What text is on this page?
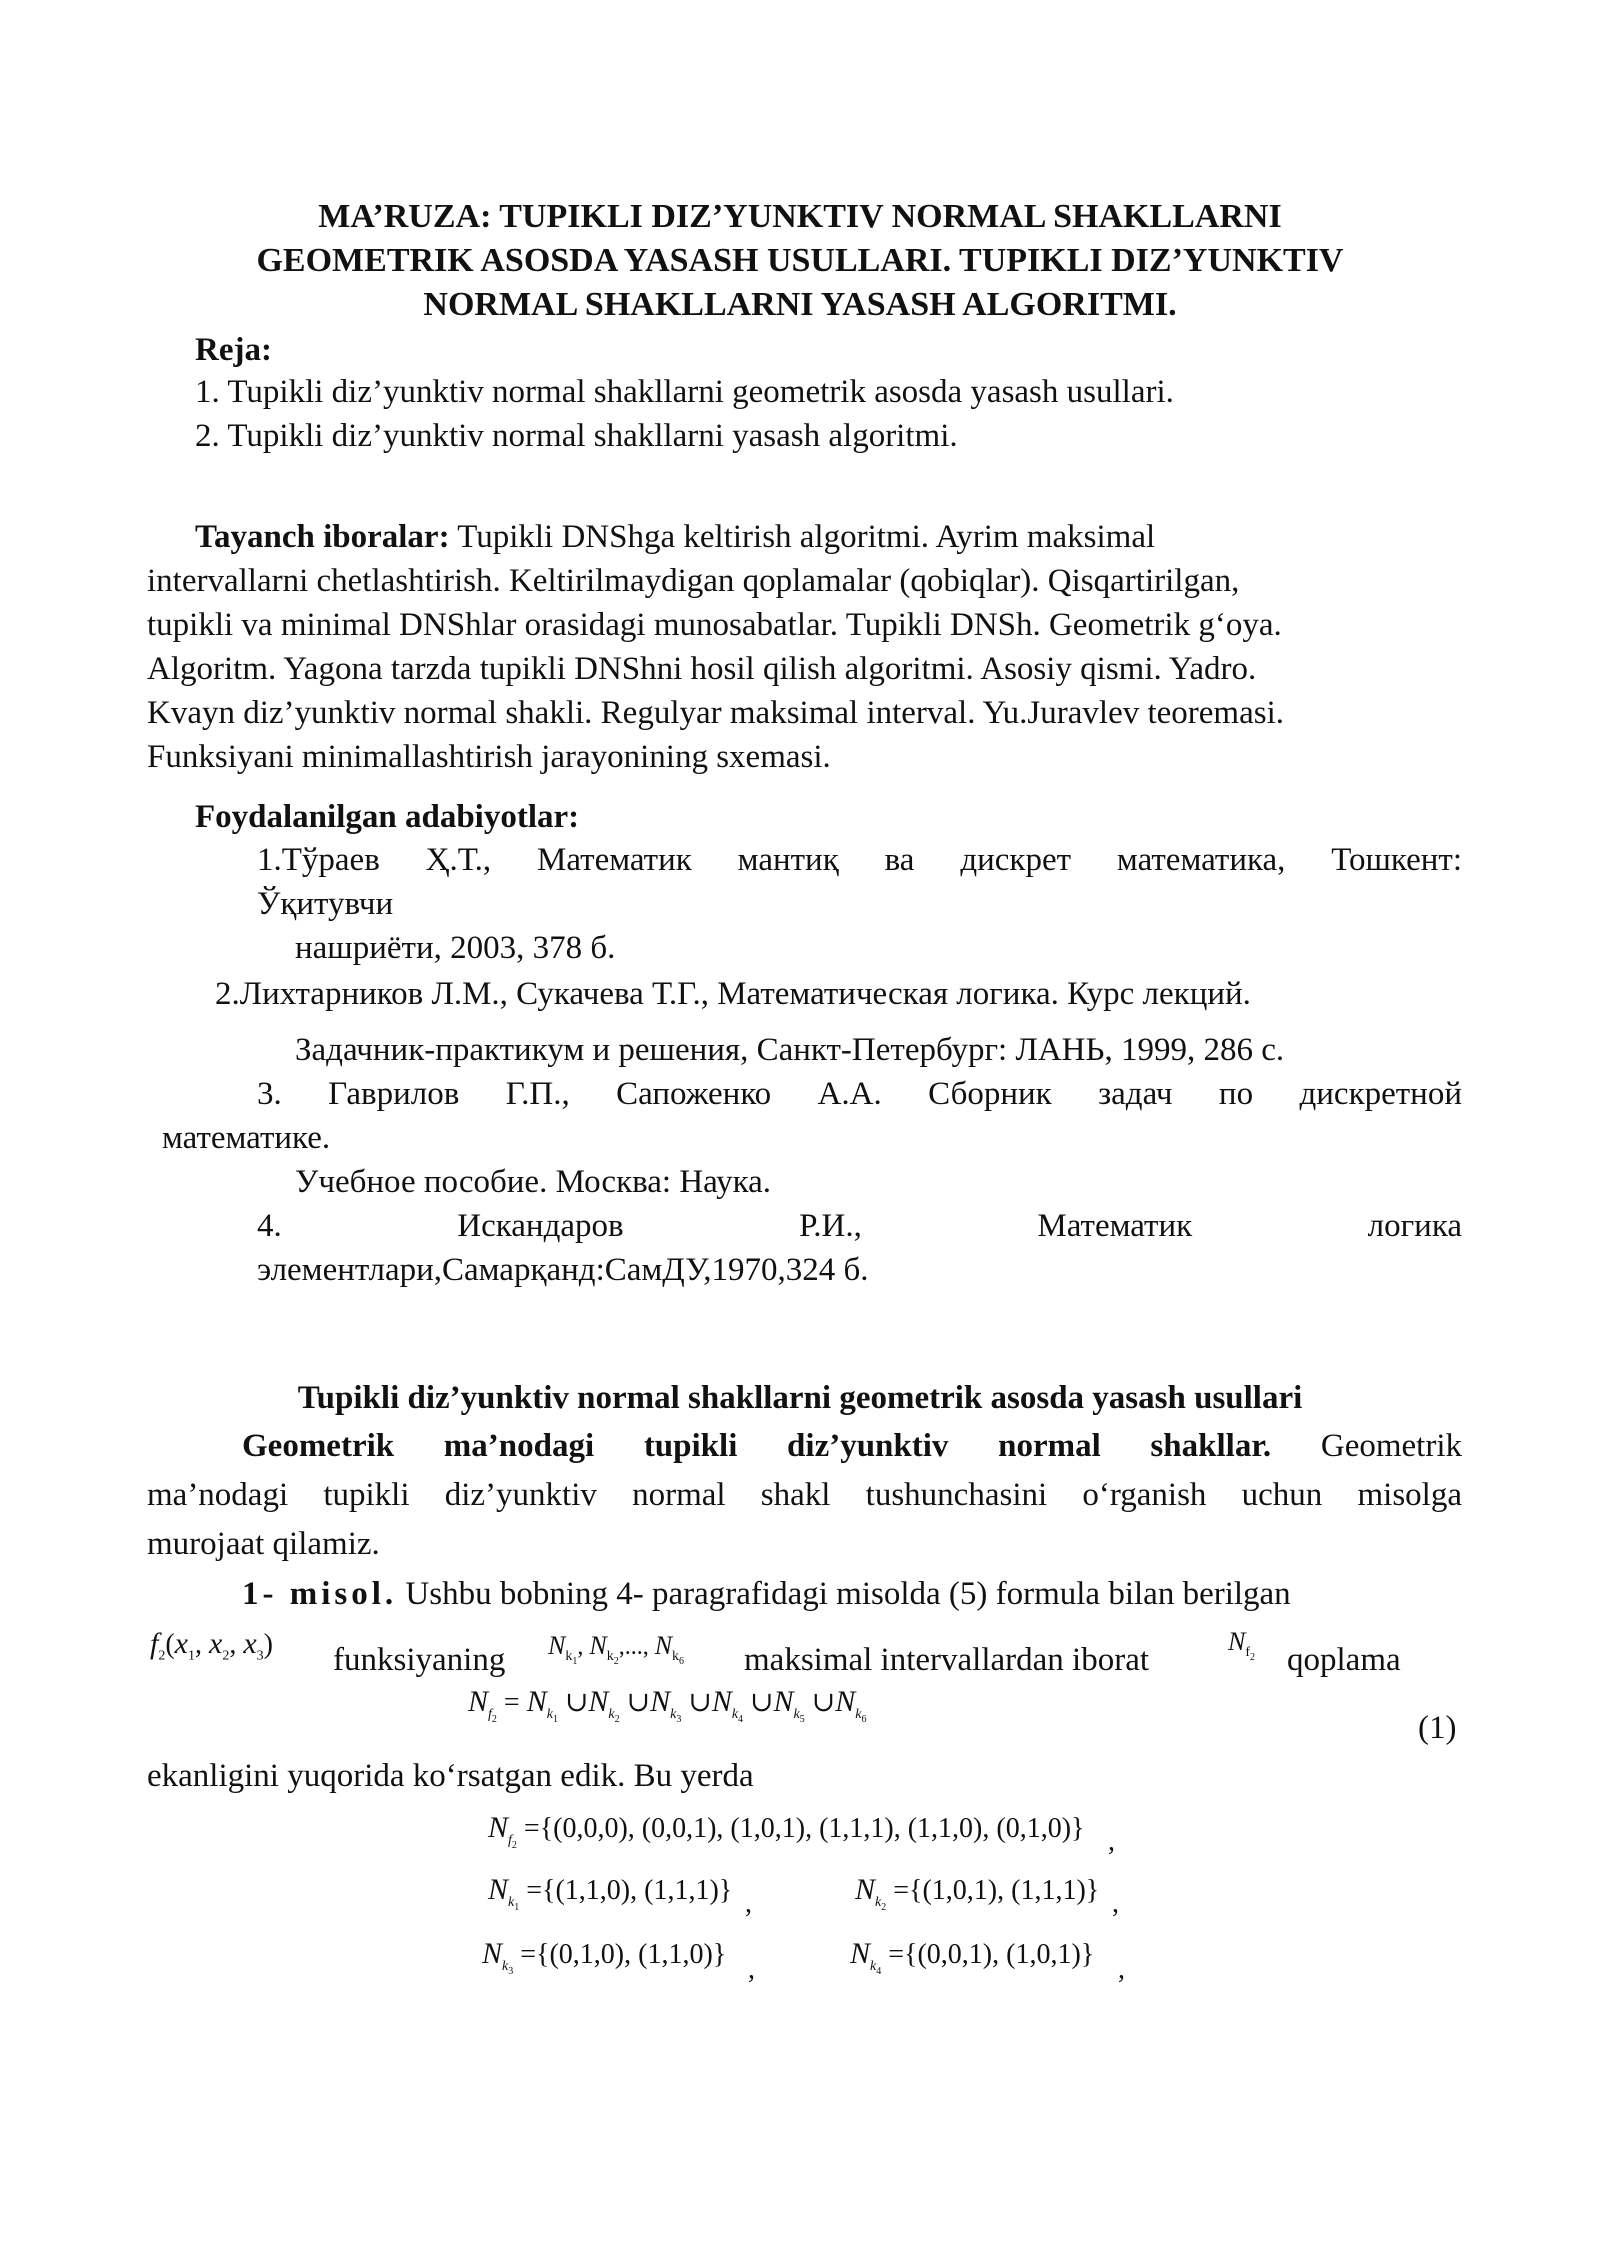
MA’RUZA: TUPIKLI DIZ’YUNKTIV NORMAL SHAKLLARNI

GEOMETRIK ASOSDA YASASH USULLARI. TUPIKLI DIZ’YUNKTIV

NORMAL SHAKLLARNI YASASH ALGORITMI.

Reja:

1. Tupikli diz’yunktiv normal shakllarni geometrik asosda yasash usullari.

2. Tupikli diz’yunktiv normal shakllarni yasash algoritmi.

Tayanch iboralar: Tupikli DNShga keltirish algoritmi. Ayrim maksimal

intervallarni chetlashtirish. Keltirilmaydigan qoplamalar (qobiqlar). Qisqartirilgan,

tupikli va minimal DNShlar orasidagi munosabatlar. Tupikli DNSh. Geometrik g‘oya.

Algoritm. Yagona tarzda tupikli DNShni hosil qilish algoritmi. Asosiy qismi. Yadro.

Kvayn diz’yunktiv normal shakli. Regulyar maksimal interval. Yu.Juravlev teoremasi.

Funksiyani minimallashtirish jarayonining sxemasi.

Foydalanilgan adabiyotlar:

1.Тўраев Ҳ.Т., Математик мантиқ ва дискрет математика, Тошкент:

Ўқитувчи

нашриёти, 2003, 378 б.

2.Лихтарников Л.М., Сукачева Т.Г., Математическая логика. Курс лекций.

Задачник-практикум и решения, Санкт-Петербург: ЛАНЬ, 1999, 286 с.

3. Гаврилов Г.П., Сапоженко А.А. Сборник задач по дискретной

математике.

Учебное пособие. Москва: Наука.

4. Искандаров Р.И., Математик логика

элементлари,Самарқанд:СамДУ,1970,324 б.

Tupikli diz’yunktiv normal shakllarni geometrik asosda yasash usullari

Geometrik ma’nodagi tupikli diz’yunktiv normal shakllar. Geometrik

ma’nodagi tupikli diz’yunktiv normal shakl tushunchasini o‘rganish uchun misolga

murojaat qilamiz.

1- misol. Ushbu bobning 4- paragrafidagi misolda (5) formula bilan berilgan

$f_2(x_1$, $x_2$, $x_3$) funksiyaning $N_{k_1}$, $N_{k_2}$,..., $N_{k_6}$ maksimal intervallardan iborat

$N_{f_2}$ qoplama

$N_{f_2} = N_{k_1}$ $\cup N_{k_2}$ $\cup N_{k_3}$ $\cup N_{k_4}$ $\cup N_{k_5}$ $\cup N_{k_6}$	(1)

ekanligini yuqorida ko‘rsatgan edik. Bu yerda

$N_{f_2} =\{(0,0,0)$, (0,0,1), (1,0,1), (1,1,1), (1,1,0), (0,1,0)} ,
$N_{k_1} =\{(1,1,0)$, (1,1,1)} ,	$N_{k_2} =\{(1,0,1)$, (1,1,1)} ,
$N_{k_3} =\{(0,1,0)$, (1,1,0)} ,	$N_{k_4} =\{(0,0,1)$, (1,0,1)} ,
